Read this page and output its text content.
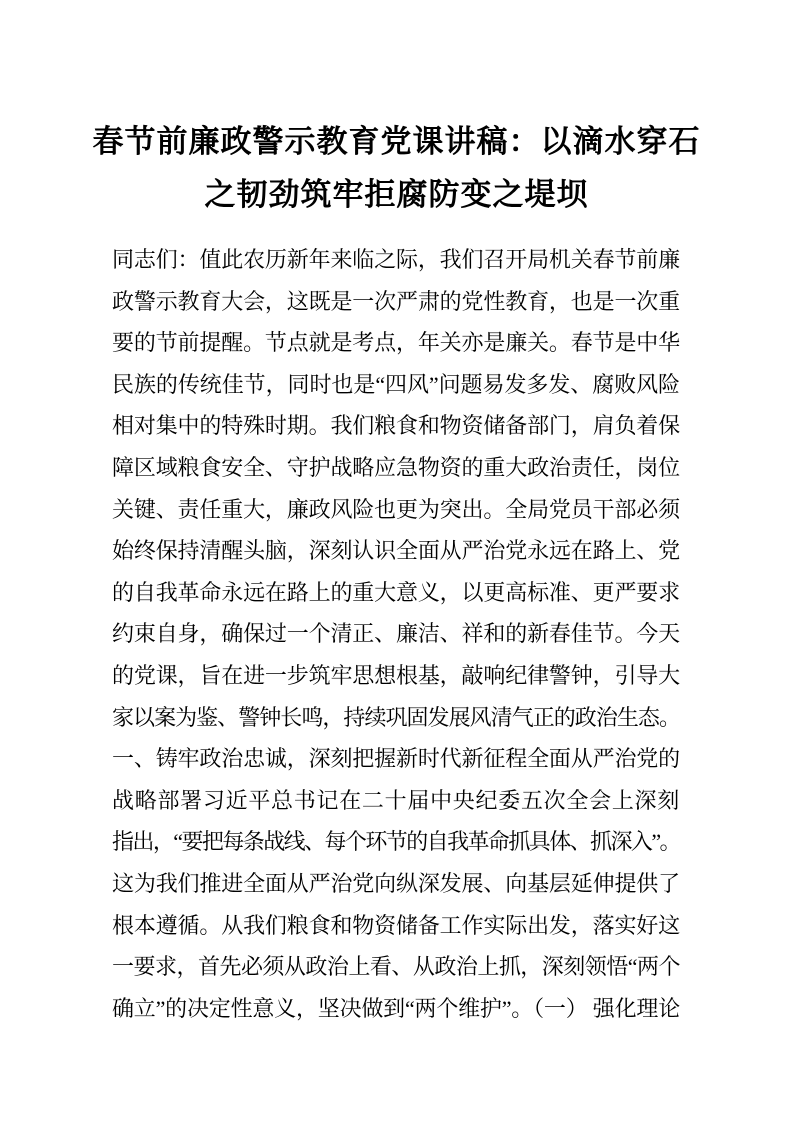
春节前廉政警示教育党课讲稿：以滴水穿石
之韧劲筑牢拒腐防变之堤坝
同志们：值此农历新年来临之际，我们召开局机关春节前廉
政警示教育大会，这既是一次严肃的党性教育，也是一次重
要的节前提醒。节点就是考点，年关亦是廉关。春节是中华
民族的传统佳节，同时也是“四风”问题易发多发、腐败风险
相对集中的特殊时期。我们粮食和物资储备部门，肩负着保
障区域粮食安全、守护战略应急物资的重大政治责任，岗位
关键、责任重大，廉政风险也更为突出。全局党员干部必须
始终保持清醒头脑，深刻认识全面从严治党永远在路上、党
的自我革命永远在路上的重大意义，以更高标准、更严要求
约束自身，确保过一个清正、廉洁、祥和的新春佳节。今天
的党课，旨在进一步筑牢思想根基，敲响纪律警钟，引导大
家以案为鉴、警钟长鸣，持续巩固发展风清气正的政治生态。
一、铸牢政治忠诚，深刻把握新时代新征程全面从严治党的
战略部署习近平总书记在二十届中央纪委五次全会上深刻
指出，“要把每条战线、每个环节的自我革命抓具体、抓深入”。
这为我们推进全面从严治党向纵深发展、向基层延伸提供了
根本遵循。从我们粮食和物资储备工作实际出发，落实好这
一要求，首先必须从政治上看、从政治上抓，深刻领悟“两个
确立”的决定性意义，坚决做到“两个维护”。（一） 强化理论
